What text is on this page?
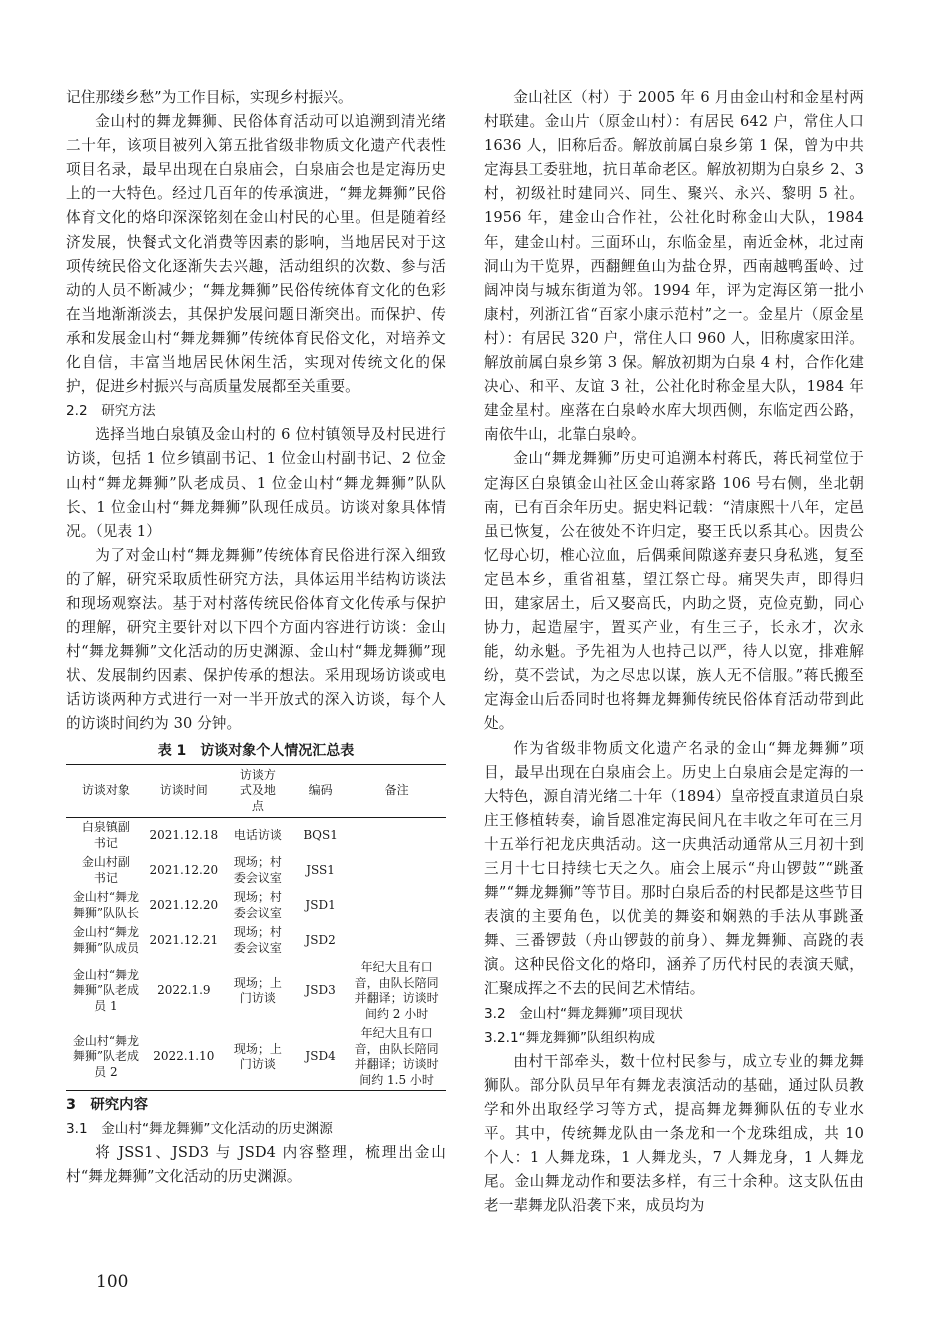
记住那缕乡愁”为工作目标，实现乡村振兴。

金山村的舞龙舞狮、民俗体育活动可以追溯到清光绪二十年，该项目被列入第五批省级非物质文化遗产代表性项目名录，最早出现在白泉庙会，白泉庙会也是定海历史上的一大特色。经过几百年的传承演进，“舞龙舞狮”民俗体育文化的烙印深深铭刻在金山村民的心里。但是随着经济发展，快餐式文化消费等因素的影响，当地居民对于这项传统民俗文化逐渐失去兴趣，活动组织的次数、参与活动的人员不断减少；“舞龙舞狮”民俗传统体育文化的色彩在当地渐渐淡去，其保护发展问题日渐突出。而保护、传承和发展金山村“舞龙舞狮”传统体育民俗文化，对培养文化自信，丰富当地居民休闲生活，实现对传统文化的保护，促进乡村振兴与高质量发展都至关重要。

2.2　研究方法

选择当地白泉镇及金山村的 6 位村镇领导及村民进行访谈，包括 1 位乡镇副书记、1 位金山村副书记、2 位金山村“舞龙舞狮”队老成员、1 位金山村“舞龙舞狮”队队长、1 位金山村“舞龙舞狮”队现任成员。访谈对象具体情况。（见表 1）

为了对金山村“舞龙舞狮”传统体育民俗进行深入细致的了解，研究采取质性研究方法，具体运用半结构访谈法和现场观察法。基于对村落传统民俗体育文化传承与保护的理解，研究主要针对以下四个方面内容进行访谈：金山村“舞龙舞狮”文化活动的历史渊源、金山村“舞龙舞狮”现状、发展制约因素、保护传承的想法。采用现场访谈或电话访谈两种方式进行一对一半开放式的深入访谈，每个人的访谈时间约为 30 分钟。

表 1　访谈对象个人情况汇总表
访谈对象	访谈时间	访谈方式及地点	编码	备注
白泉镇副书记	2021.12.18	电话访谈	BQS1	
金山村副书记	2021.12.20	现场；村委会议室	JSS1	
金山村“舞龙舞狮”队队长	2021.12.20	现场；村委会议室	JSD1	
金山村“舞龙舞狮”队成员	2021.12.21	现场；村委会议室	JSD2	
金山村“舞龙舞狮”队老成员 1	2022.1.9	现场；上门访谈	JSD3	年纪大且有口音，由队长陪同并翻译；访谈时间约 2 小时
金山村“舞龙舞狮”队老成员 2	2022.1.10	现场；上门访谈	JSD4	年纪大且有口音，由队长陪同并翻译；访谈时间约 1.5 小时
3　研究内容
3.1　金山村“舞龙舞狮”文化活动的历史渊源

将 JSS1、JSD3 与 JSD4 内容整理，梳理出金山村“舞龙舞狮”文化活动的历史渊源。

金山社区（村）于 2005 年 6 月由金山村和金星村两村联建。金山片（原金山村）：有居民 642 户，常住人口 1636 人，旧称后岙。解放前属白泉乡第 1 保，曾为中共定海县工委驻地，抗日革命老区。解放初期为白泉乡 2、3 村，初级社时建同兴、同生、聚兴、永兴、黎明 5 社。1956 年，建金山合作社，公社化时称金山大队，1984 年，建金山村。三面环山，东临金星，南近金林，北过南洞山为干览界，西翻鲤鱼山为盐仓界，西南越鸭蛋岭、过阔冲岗与城东街道为邻。1994 年，评为定海区第一批小康村，列浙江省“百家小康示范村”之一。金星片（原金星村）：有居民 320 户，常住人口 960 人，旧称虞家田洋。解放前属白泉乡第 3 保。解放初期为白泉 4 村，合作化建决心、和平、友谊 3 社，公社化时称金星大队，1984 年建金星村。座落在白泉岭水库大坝西侧，东临定西公路，南依牛山，北靠白泉岭。

金山“舞龙舞狮”历史可追溯本村蒋氏，蒋氏祠堂位于定海区白泉镇金山社区金山蒋家路 106 号右侧，坐北朝南，已有百余年历史。据史料记载：“清康熙十八年，定邑虽已恢复，公在彼处不许归定，娶王氏以系其心。因贵公忆母心切，椎心泣血，后偶乘间隙遂弃妻只身私逃，复至定邑本乡，重省祖墓，望江祭亡母。痛哭失声，即得归田，建家居土，后又娶高氏，内助之贤，克俭克勤，同心协力，起造屋宇，置买产业，有生三子，长永才，次永能，幼永魁。予先祖为人也持己以严，待人以宽，排难解纷，莫不尝试，为之尽忠以谋，族人无不信服。”蒋氏搬至定海金山后岙同时也将舞龙舞狮传统民俗体育活动带到此处。

作为省级非物质文化遗产名录的金山“舞龙舞狮”项目，最早出现在白泉庙会上。历史上白泉庙会是定海的一大特色，源自清光绪二十年（1894）皇帝授直隶道员白泉庄王修植转奏，谕旨恩准定海民间凡在丰收之年可在三月十五举行祀龙庆典活动。这一庆典活动通常从三月初十到三月十七日持续七天之久。庙会上展示“舟山锣鼓”“跳蚤舞”“舞龙舞狮”等节目。那时白泉后岙的村民都是这些节目表演的主要角色，以优美的舞姿和娴熟的手法从事跳蚤舞、三番锣鼓（舟山锣鼓的前身）、舞龙舞狮、高跷的表演。这种民俗文化的烙印，涵养了历代村民的表演天赋，汇聚成挥之不去的民间艺术情结。

3.2　金山村“舞龙舞狮”项目现状
3.2.1“舞龙舞狮”队组织构成

由村干部牵头，数十位村民参与，成立专业的舞龙舞狮队。部分队员早年有舞龙表演活动的基础，通过队员教学和外出取经学习等方式，提高舞龙舞狮队伍的专业水平。其中，传统舞龙队由一条龙和一个龙珠组成，共 10 个人：1 人舞龙珠，1 人舞龙头，7 人舞龙身，1 人舞龙尾。金山舞龙动作和要法多样，有三十余种。这支队伍由老一辈舞龙队沿袭下来，成员均为

100
